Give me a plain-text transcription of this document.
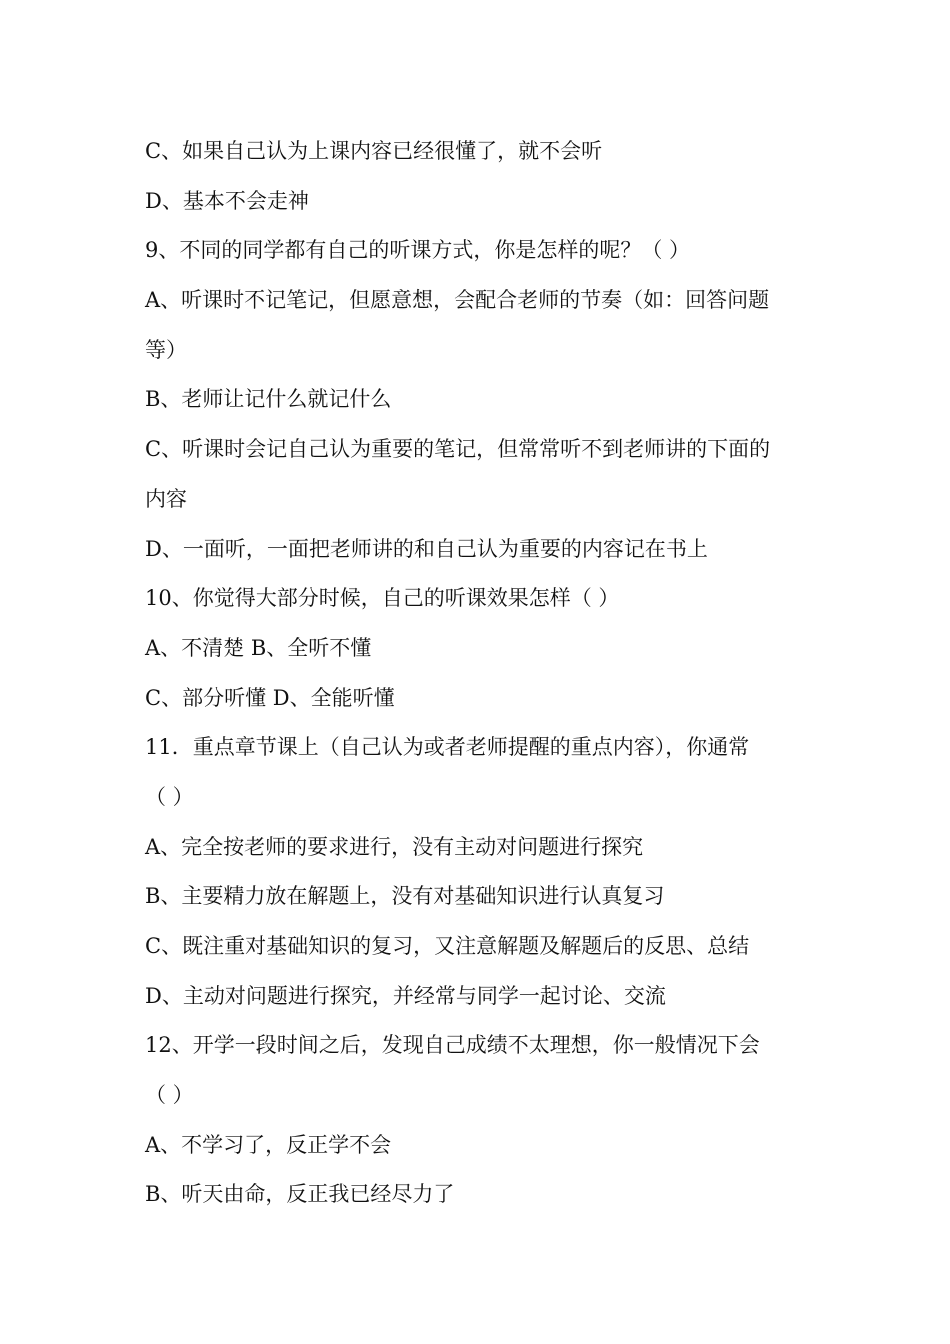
C、如果自己认为上课内容已经很懂了，就不会听
D、基本不会走神
9、不同的同学都有自己的听课方式，你是怎样的呢？（ ）
A、听课时不记笔记，但愿意想，会配合老师的节奏（如：回答问题
等）
B、老师让记什么就记什么
C、听课时会记自己认为重要的笔记，但常常听不到老师讲的下面的
内容
D、一面听，一面把老师讲的和自己认为重要的内容记在书上
10、你觉得大部分时候，自己的听课效果怎样（ ）
A、不清楚 B、全听不懂
C、部分听懂 D、全能听懂
11．重点章节课上（自己认为或者老师提醒的重点内容），你通常
（ ）
A、完全按老师的要求进行，没有主动对问题进行探究
B、主要精力放在解题上，没有对基础知识进行认真复习
C、既注重对基础知识的复习，又注意解题及解题后的反思、总结
D、主动对问题进行探究，并经常与同学一起讨论、交流
12、开学一段时间之后，发现自己成绩不太理想，你一般情况下会
（ ）
A、不学习了，反正学不会
B、听天由命，反正我已经尽力了
